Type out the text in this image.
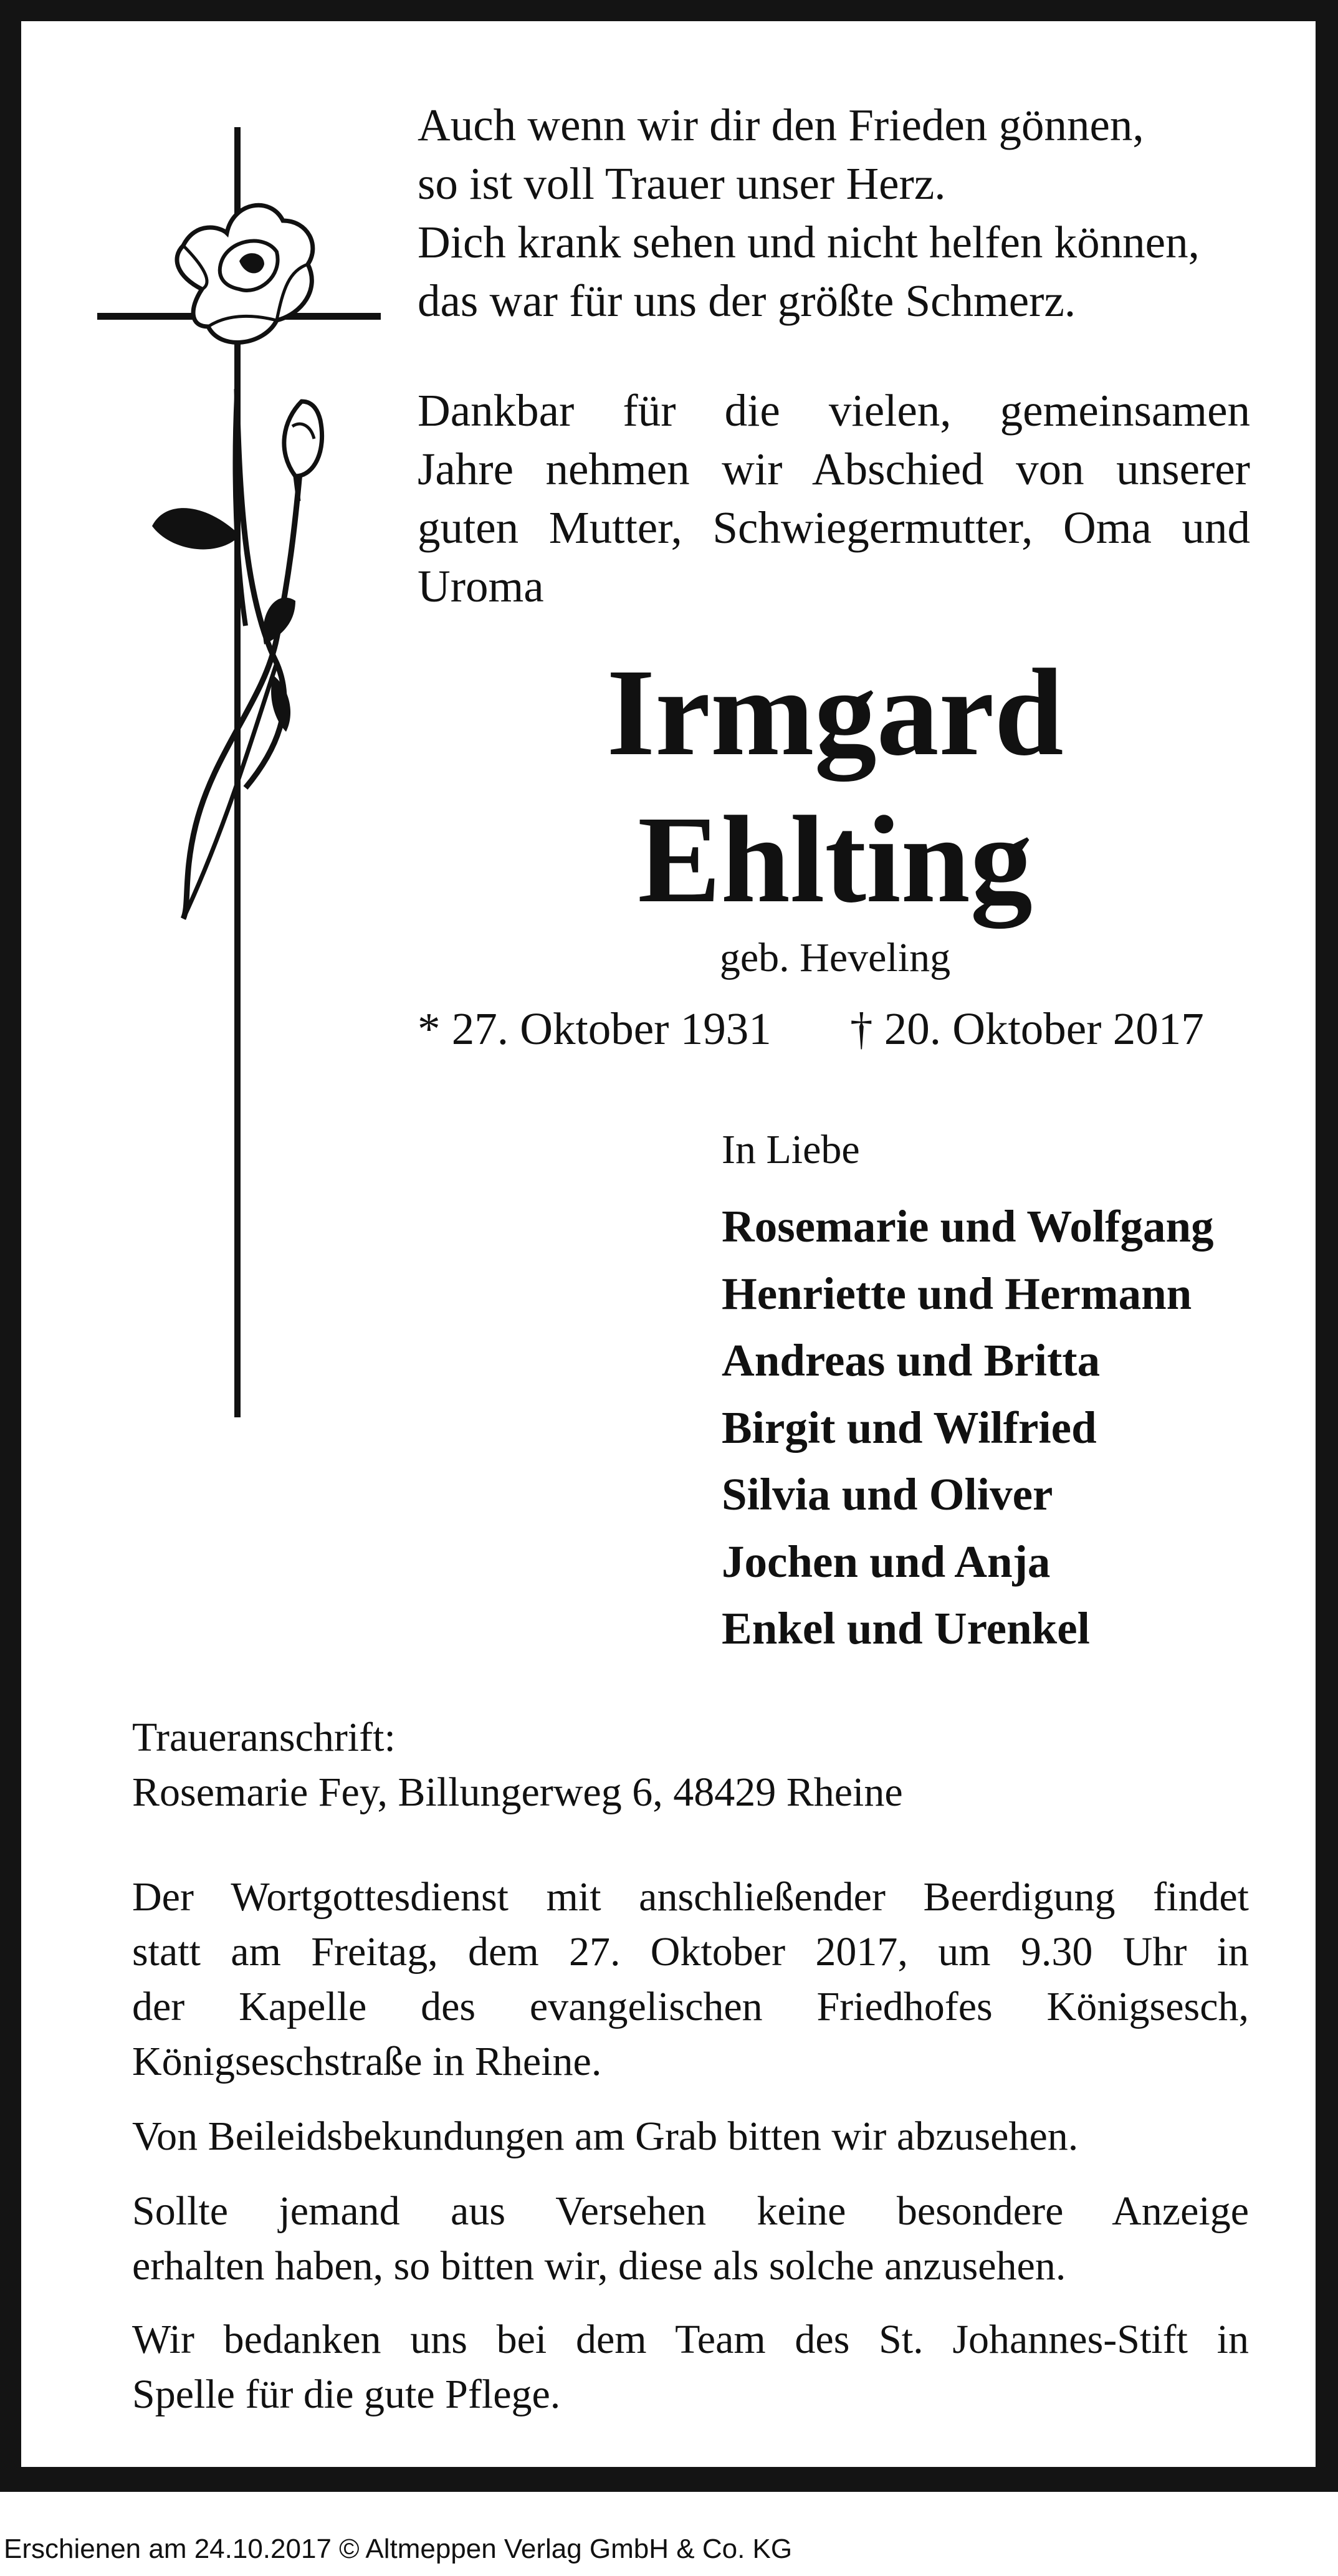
Auch wenn wir dir den Frieden gönnen,
so ist voll Trauer unser Herz.
Dich krank sehen und nicht helfen können,
das war für uns der größte Schmerz.
Dankbar für die vielen, gemeinsamen
Jahre nehmen wir Abschied von unserer
guten Mutter, Schwiegermutter, Oma und
Uroma
Irmgard
Ehlting
geb. Heveling
* 27. Oktober 1931 † 20. Oktober 2017
In Liebe
Rosemarie und Wolfgang
Henriette und Hermann
Andreas und Britta
Birgit und Wilfried
Silvia und Oliver
Jochen und Anja
Enkel und Urenkel
Traueranschrift:
Rosemarie Fey, Billungerweg 6, 48429 Rheine
Der Wortgottesdienst mit anschließender Beerdigung findet
statt am Freitag, dem 27. Oktober 2017, um 9.30 Uhr in
der Kapelle des evangelischen Friedhofes Königsesch,
Königseschstraße in Rheine.
Von Beileidsbekundungen am Grab bitten wir abzusehen.
Sollte jemand aus Versehen keine besondere Anzeige
erhalten haben, so bitten wir, diese als solche anzusehen.
Wir bedanken uns bei dem Team des St. Johannes-Stift in
Spelle für die gute Pflege.
Erschienen am 24.10.2017 © Altmeppen Verlag GmbH & Co. KG
